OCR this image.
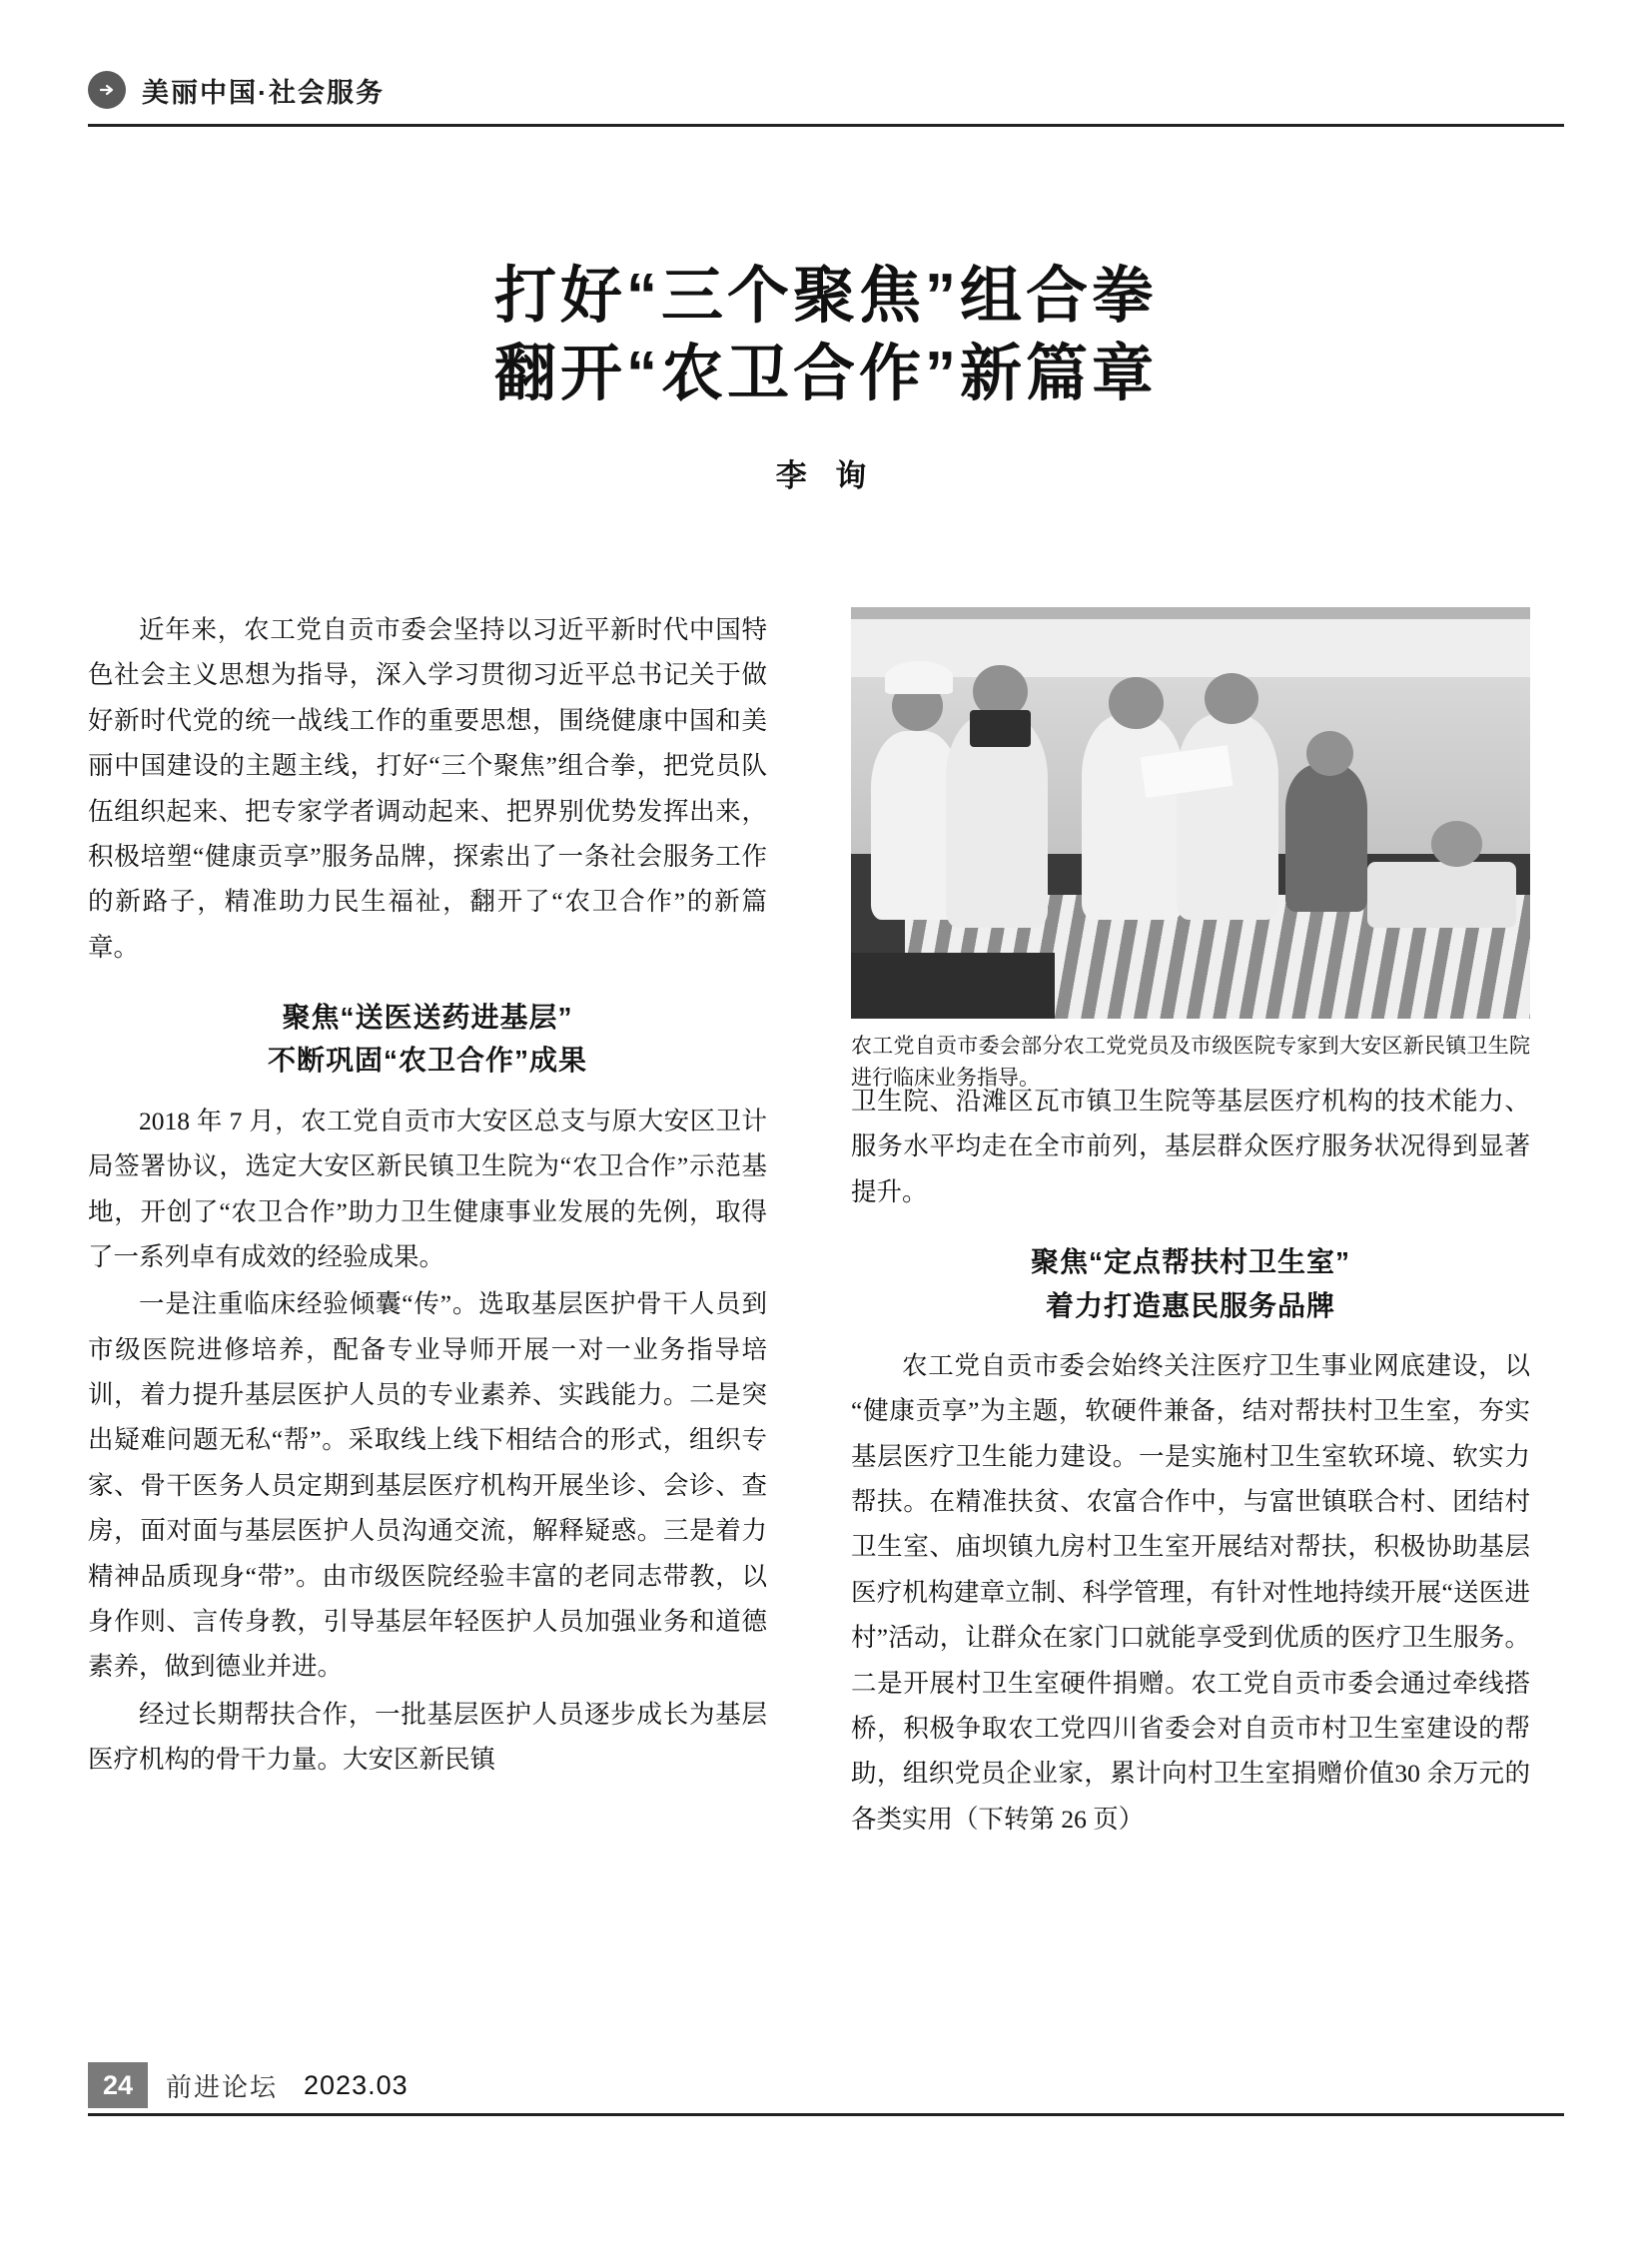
美丽中国·社会服务
打好“三个聚焦”组合拳
翻开“农卫合作”新篇章
李 询

近年来，农工党自贡市委会坚持以习近平新时代中国特色社会主义思想为指导，深入学习贯彻习近平总书记关于做好新时代党的统一战线工作的重要思想，围绕健康中国和美丽中国建设的主题主线，打好“三个聚焦”组合拳，把党员队伍组织起来、把专家学者调动起来、把界别优势发挥出来，积极培塑“健康贡享”服务品牌，探索出了一条社会服务工作的新路子，精准助力民生福祉，翻开了“农卫合作”的新篇章。

聚焦“送医送药进基层”
不断巩固“农卫合作”成果

2018 年 7 月，农工党自贡市大安区总支与原大安区卫计局签署协议，选定大安区新民镇卫生院为“农卫合作”示范基地，开创了“农卫合作”助力卫生健康事业发展的先例，取得了一系列卓有成效的经验成果。

一是注重临床经验倾囊“传”。选取基层医护骨干人员到市级医院进修培养，配备专业导师开展一对一业务指导培训，着力提升基层医护人员的专业素养、实践能力。二是突出疑难问题无私“帮”。采取线上线下相结合的形式，组织专家、骨干医务人员定期到基层医疗机构开展坐诊、会诊、查房，面对面与基层医护人员沟通交流，解释疑惑。三是着力精神品质现身“带”。由市级医院经验丰富的老同志带教，以身作则、言传身教，引导基层年轻医护人员加强业务和道德素养，做到德业并进。

经过长期帮扶合作，一批基层医护人员逐步成长为基层医疗机构的骨干力量。大安区新民镇

农工党自贡市委会部分农工党党员及市级医院专家到大安区新民镇卫生院进行临床业务指导。

卫生院、沿滩区瓦市镇卫生院等基层医疗机构的技术能力、服务水平均走在全市前列，基层群众医疗服务状况得到显著提升。

聚焦“定点帮扶村卫生室”
着力打造惠民服务品牌

农工党自贡市委会始终关注医疗卫生事业网底建设，以“健康贡享”为主题，软硬件兼备，结对帮扶村卫生室，夯实基层医疗卫生能力建设。一是实施村卫生室软环境、软实力帮扶。在精准扶贫、农富合作中，与富世镇联合村、团结村卫生室、庙坝镇九房村卫生室开展结对帮扶，积极协助基层医疗机构建章立制、科学管理，有针对性地持续开展“送医进村”活动，让群众在家门口就能享受到优质的医疗卫生服务。二是开展村卫生室硬件捐赠。农工党自贡市委会通过牵线搭桥，积极争取农工党四川省委会对自贡市村卫生室建设的帮助，组织党员企业家，累计向村卫生室捐赠价值30 余万元的各类实用（下转第 26 页）

24	前进论坛 2023.03
